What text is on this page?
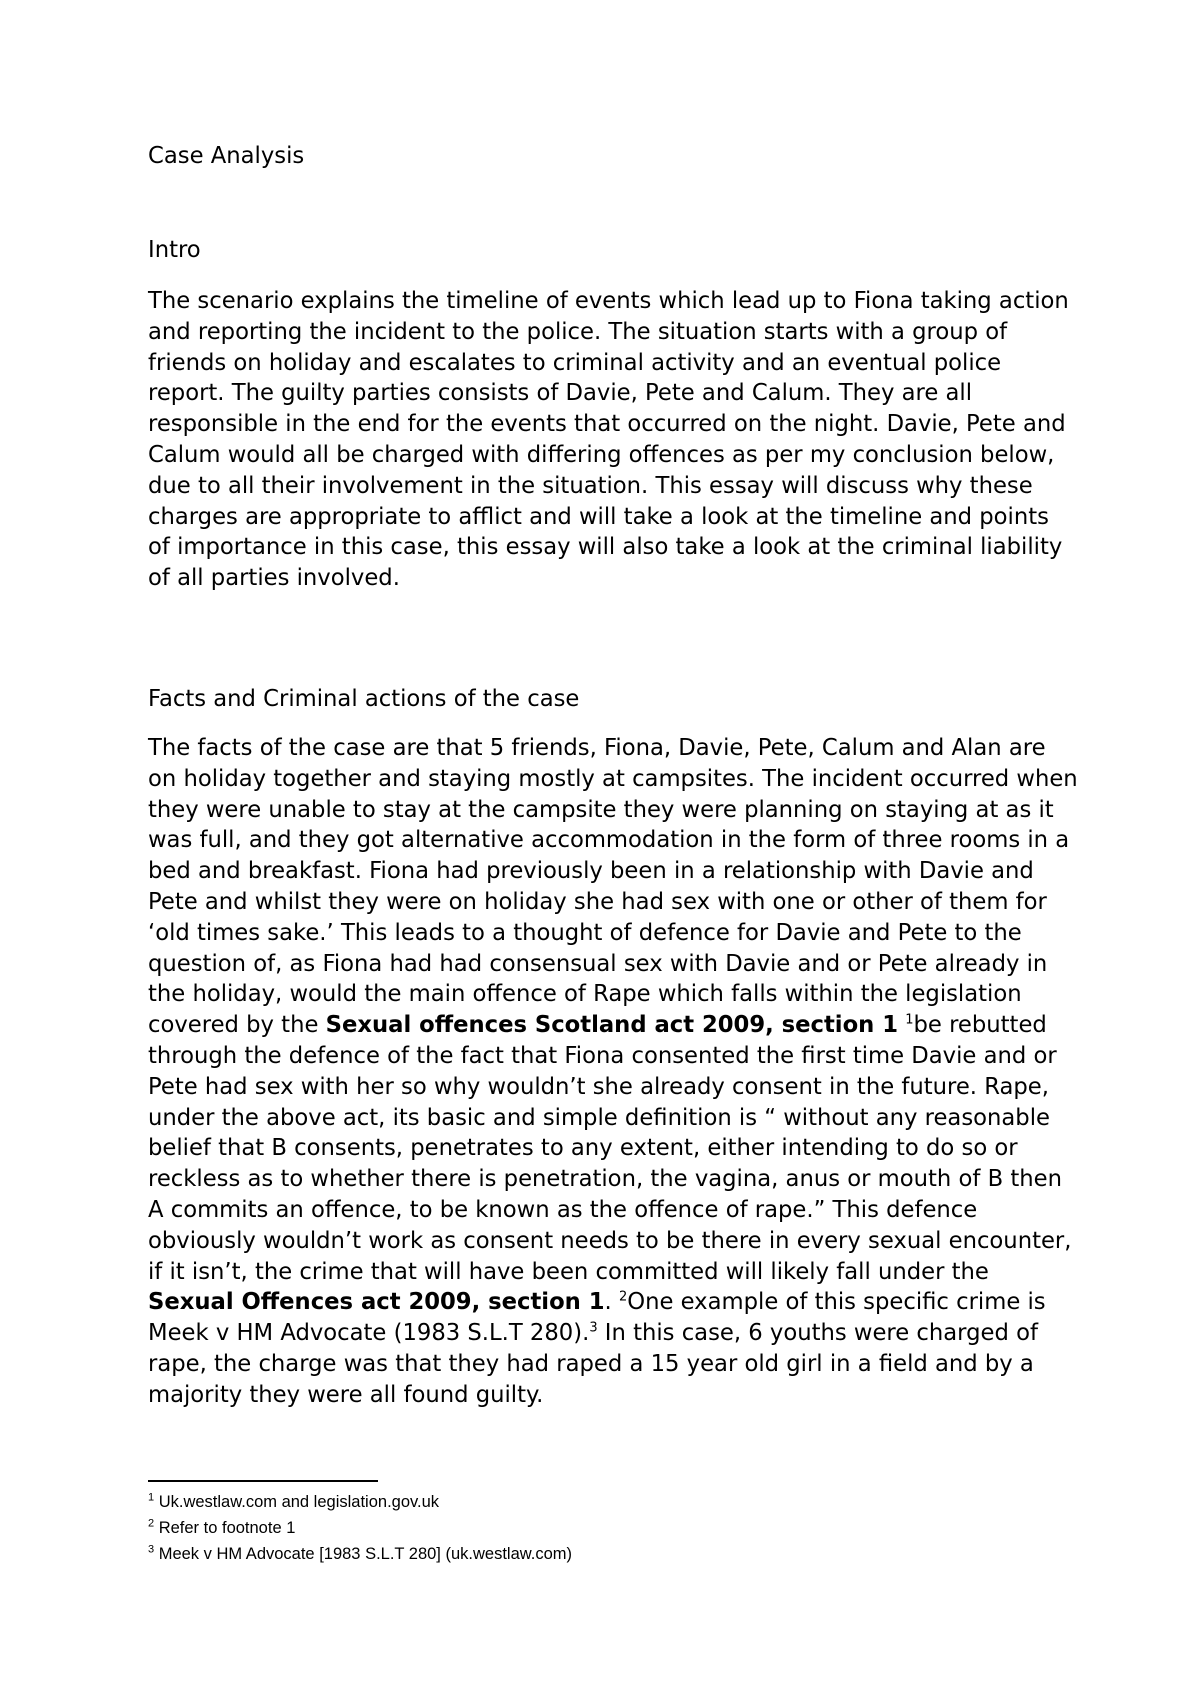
Case Analysis

Intro

The scenario explains the timeline of events which lead up to Fiona taking action and reporting the incident to the police. The situation starts with a group of friends on holiday and escalates to criminal activity and an eventual police report. The guilty parties consists of Davie, Pete and Calum. They are all responsible in the end for the events that occurred on the night. Davie, Pete and Calum would all be charged with differing offences as per my conclusion below, due to all their involvement in the situation. This essay will discuss why these charges are appropriate to afflict and will take a look at the timeline and points of importance in this case, this essay will also take a look at the criminal liability of all parties involved.

Facts and Criminal actions of the case

The facts of the case are that 5 friends, Fiona, Davie, Pete, Calum and Alan are on holiday together and staying mostly at campsites. The incident occurred when they were unable to stay at the campsite they were planning on staying at as it was full, and they got alternative accommodation in the form of three rooms in a bed and breakfast. Fiona had previously been in a relationship with Davie and Pete and whilst they were on holiday she had sex with one or other of them for ‘old times sake.’ This leads to a thought of defence for Davie and Pete to the question of, as Fiona had had consensual sex with Davie and or Pete already in the holiday, would the main offence of Rape which falls within the legislation covered by the Sexual offences Scotland act 2009, section 1 $^1$be rebutted through the defence of the fact that Fiona consented the first time Davie and or Pete had sex with her so why wouldn’t she already consent in the future. Rape, under the above act, its basic and simple definition is “ without any reasonable belief that B consents, penetrates to any extent, either intending to do so or reckless as to whether there is penetration, the vagina, anus or mouth of B then A commits an offence, to be known as the offence of rape.” This defence obviously wouldn’t work as consent needs to be there in every sexual encounter, if it isn’t, the crime that will have been committed will likely fall under the Sexual Offences act 2009, section 1. $^2$One example of this specific crime is Meek v HM Advocate (1983 S.L.T 280).$^3$ In this case, 6 youths were charged of rape, the charge was that they had raped a 15 year old girl in a field and by a majority they were all found guilty.

$^1$ Uk.westlaw.com and legislation.gov.uk

$^2$ Refer to footnote 1

$^3$ Meek v HM Advocate [1983 S.L.T 280] (uk.westlaw.com)
